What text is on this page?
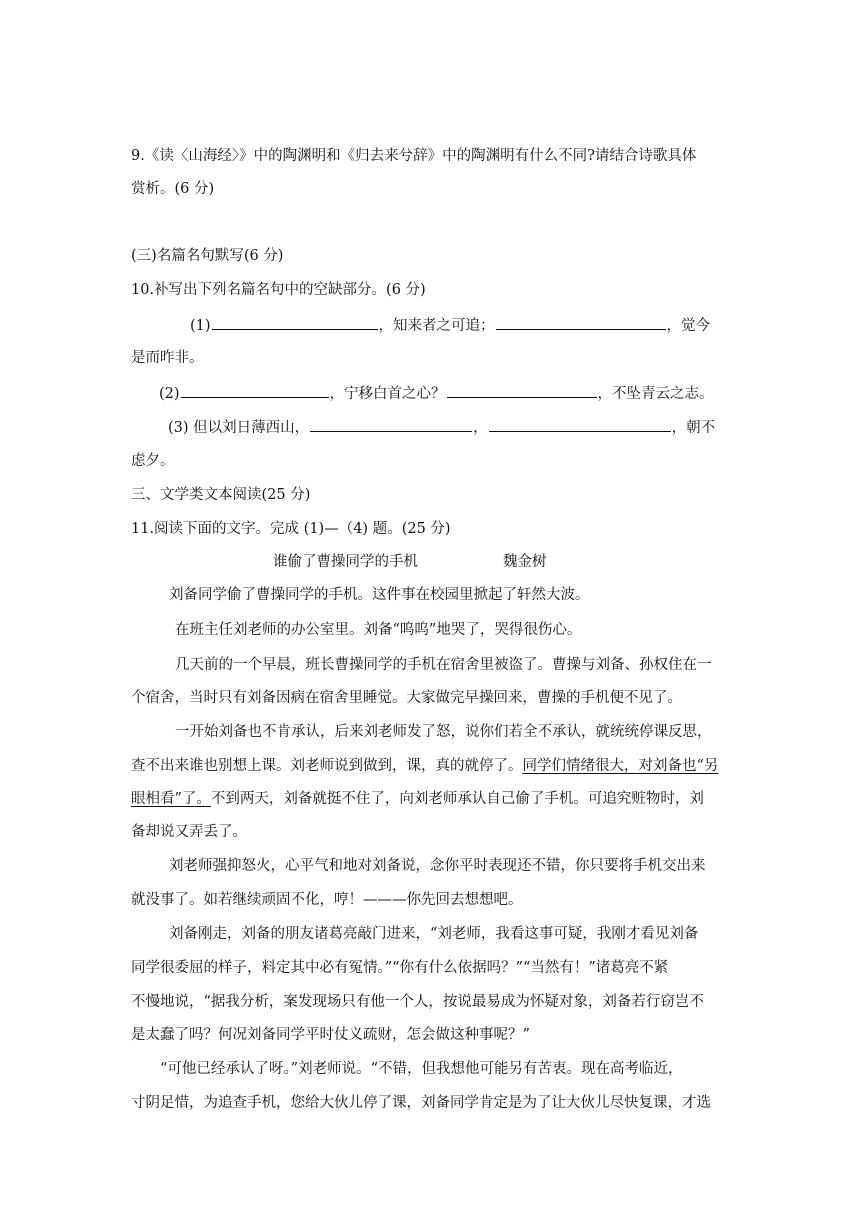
9.《读〈山海经〉》中的陶渊明和《归去来兮辞》中的陶渊明有什么不同?请结合诗歌具体
赏析。(6 分)
(三)名篇名句默写(6 分)
10.补写出下列名篇名句中的空缺部分。(6 分)
(1)	，知来者之可追；	，觉今
是而昨非。
(2)	，宁移白首之心？	，不坠青云之志。
(3) 但以刘日薄西山，	，	，朝不
虑夕。
三、文学类文本阅读(25 分)
11.阅读下面的文字。完成 (1)—（4) 题。(25 分)
谁偷了曹操同学的手机	魏金树
刘备同学偷了曹操同学的手机。这件事在校园里掀起了轩然大波。
在班主任刘老师的办公室里。刘备“呜呜”地哭了，哭得很伤心。
几天前的一个早晨，班长曹操同学的手机在宿舍里被盗了。曹操与刘备、孙权住在一
个宿舍，当时只有刘备因病在宿舍里睡觉。大家做完早操回来，曹操的手机便不见了。
一开始刘备也不肯承认，后来刘老师发了怒，说你们若全不承认，就统统停课反思，
查不出来谁也别想上课。刘老师说到做到，课，真的就停了。同学们情绪很大，对刘备也“另
眼相看”了。不到两天，刘备就挺不住了，向刘老师承认自己偷了手机。可追究赃物时，刘
备却说又弄丢了。
刘老师强抑怒火，心平气和地对刘备说，念你平时表现还不错，你只要将手机交出来
就没事了。如若继续顽固不化，哼！———你先回去想想吧。
刘备刚走，刘备的朋友诸葛亮敲门进来，“刘老师，我看这事可疑，我刚才看见刘备
同学很委屈的样子，料定其中必有冤情。”“你有什么依据吗？”“当然有！”诸葛亮不紧
不慢地说，“据我分析，案发现场只有他一个人，按说最易成为怀疑对象，刘备若行窃岂不
是太蠢了吗？何况刘备同学平时仗义疏财，怎会做这种事呢？”
“可他已经承认了呀。”刘老师说。“不错，但我想他可能另有苦衷。现在高考临近，
寸阴足惜，为追查手机，您给大伙儿停了课，刘备同学肯定是为了让大伙儿尽快复课，才选
